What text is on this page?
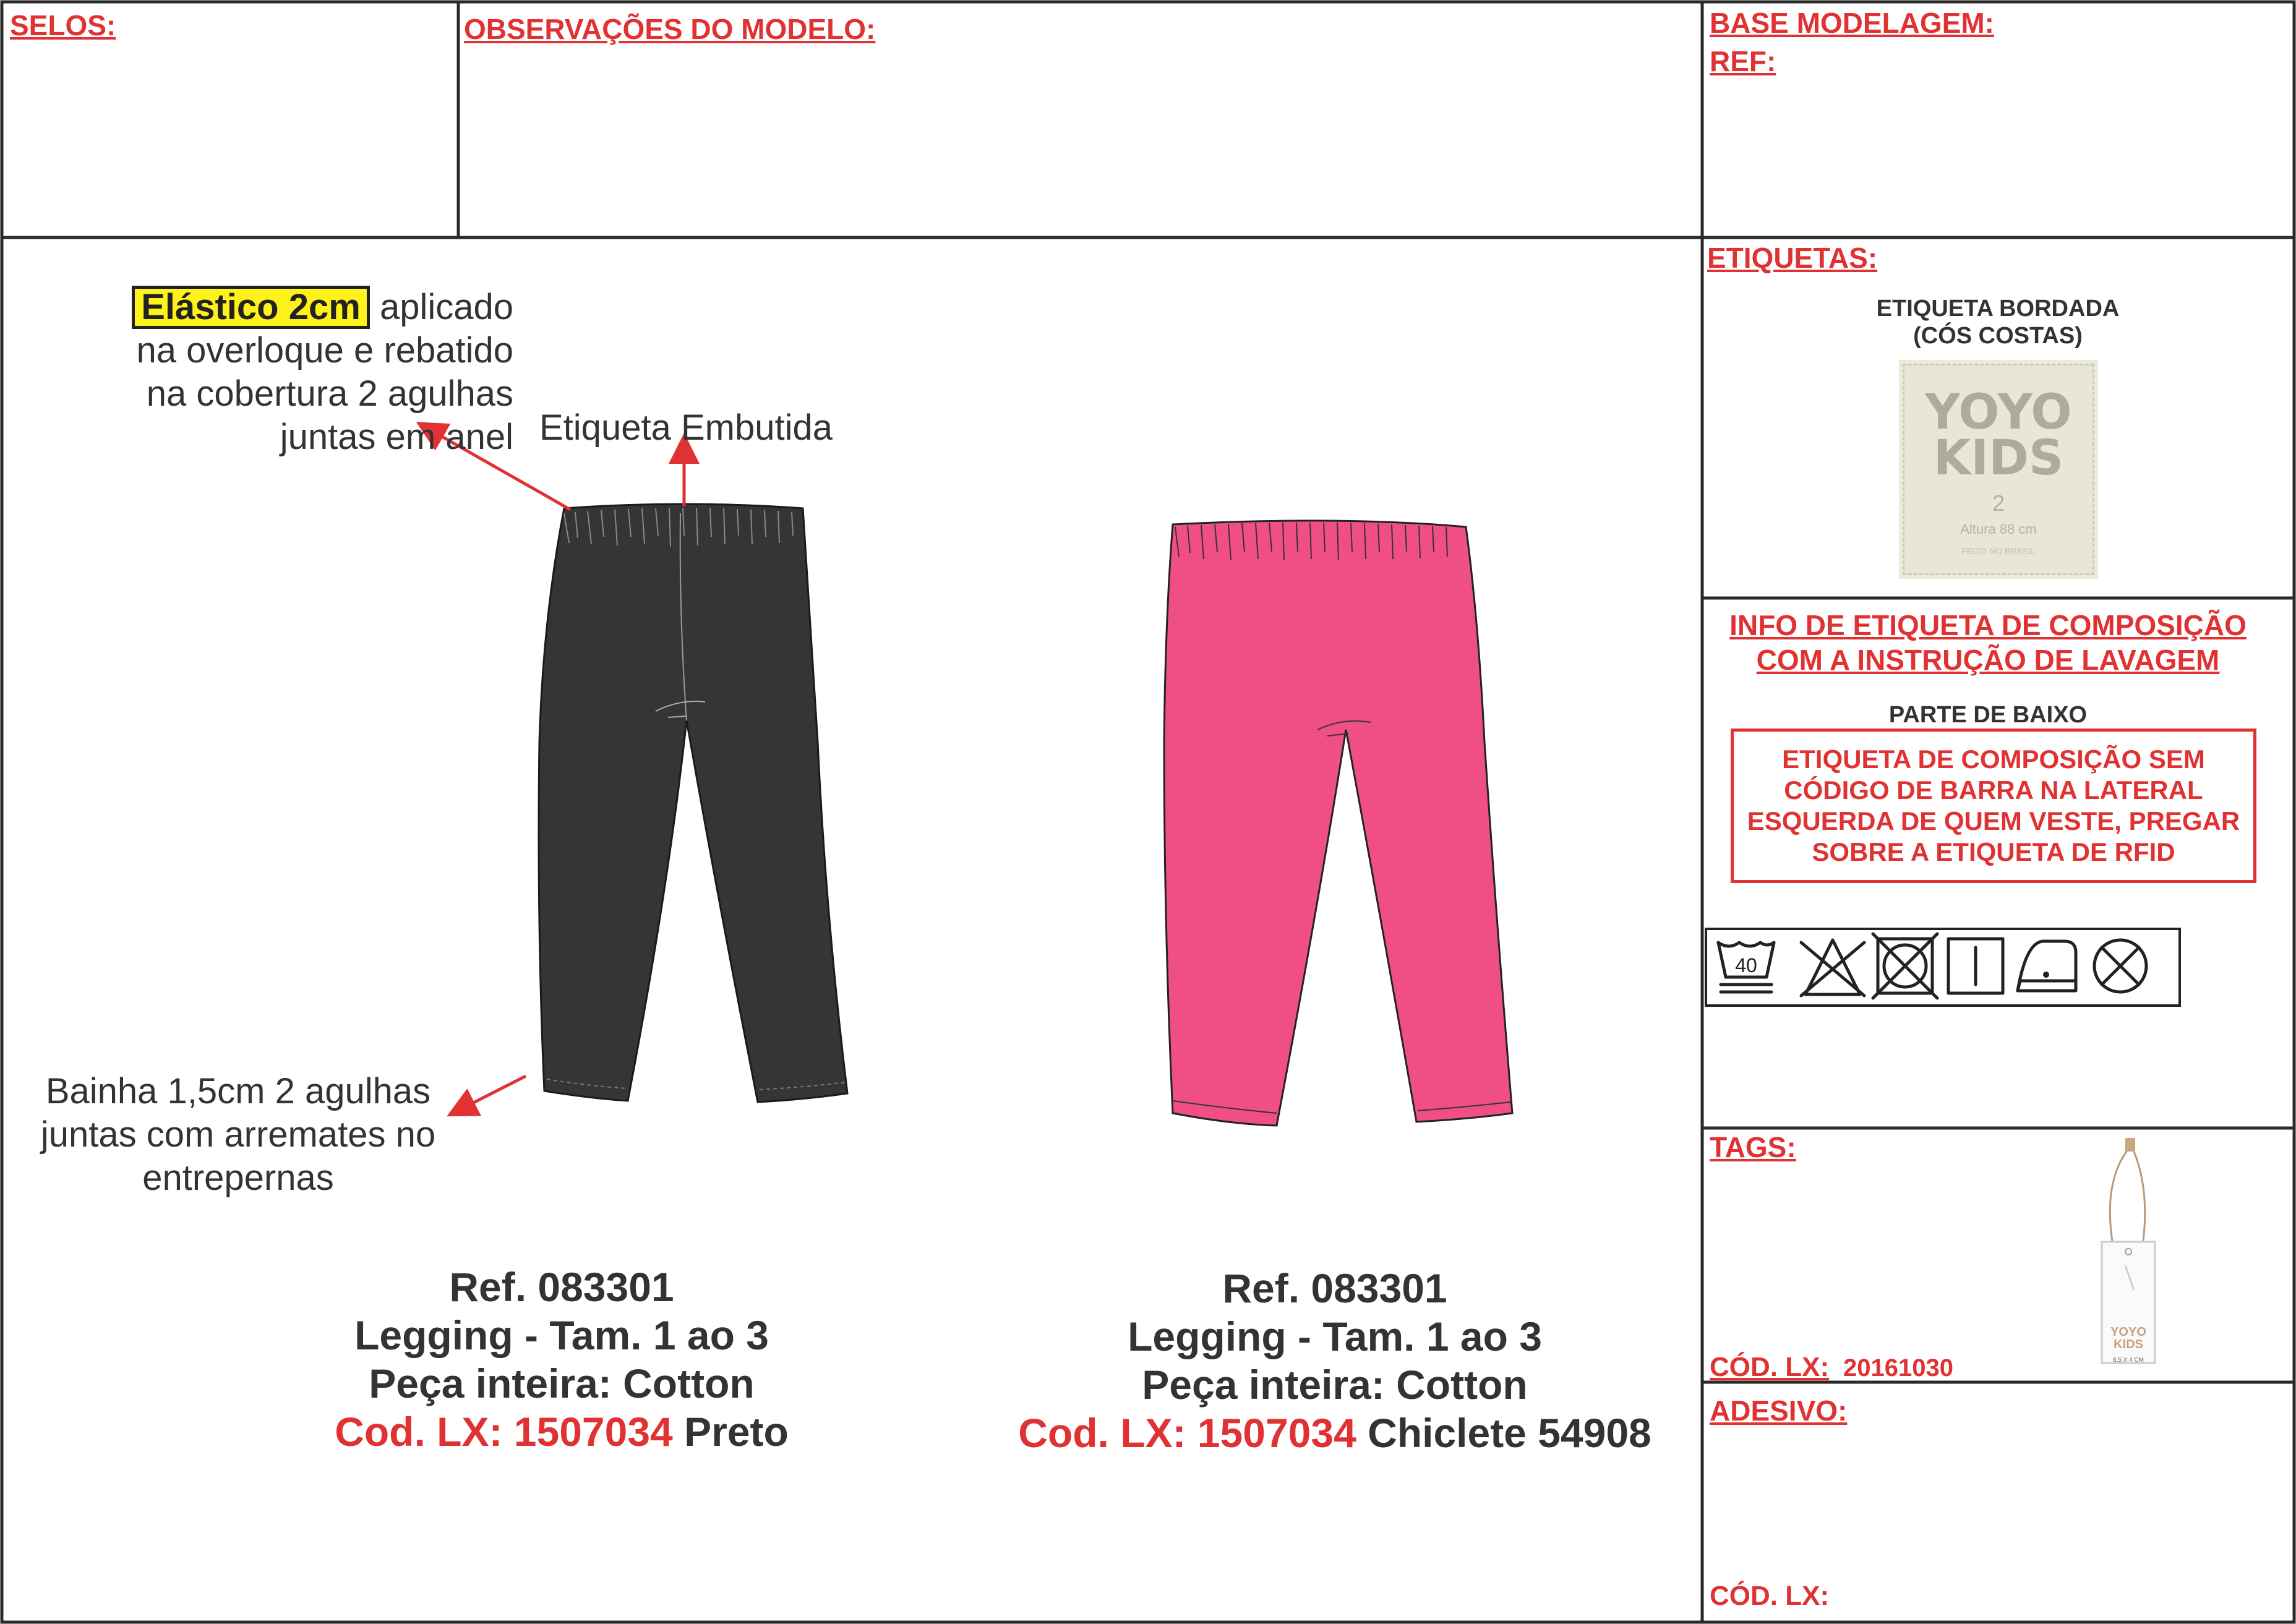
SELOS:	OBSERVAÇÕES DO MODELO:	BASE MODELAGEM:
REF:
ETIQUETAS:
INFO DE ETIQUETA DE COMPOSIÇÃO
COM A INSTRUÇÃO DE LAVAGEM
TAGS:
ADESIVO:
ETIQUETA BORDADA
(CÓS COSTAS)
YOYO
KIDS
2
Altura 88 cm
FEITO NO BRASIL
PARTE DE BAIXO
ETIQUETA DE COMPOSIÇÃO SEM
CÓDIGO DE BARRA NA LATERAL
ESQUERDA DE QUEM VESTE, PREGAR
SOBRE A ETIQUETA DE RFID
40
YOYO
KIDS
8,5 X 4 CM
CÓD. LX: 20161030
CÓD. LX:
Elástico 2cm aplicado
na overloque e rebatido
na cobertura 2 agulhas
juntas em anel Etiqueta Embutida
Bainha 1,5cm 2 agulhas
juntas com arremates no
entrepernas
Ref. 083301
Legging - Tam. 1 ao 3
Peça inteira: Cotton
Cod. LX: 1507034 Preto
Ref. 083301
Legging - Tam. 1 ao 3
Peça inteira: Cotton
Cod. LX: 1507034 Chiclete 54908
